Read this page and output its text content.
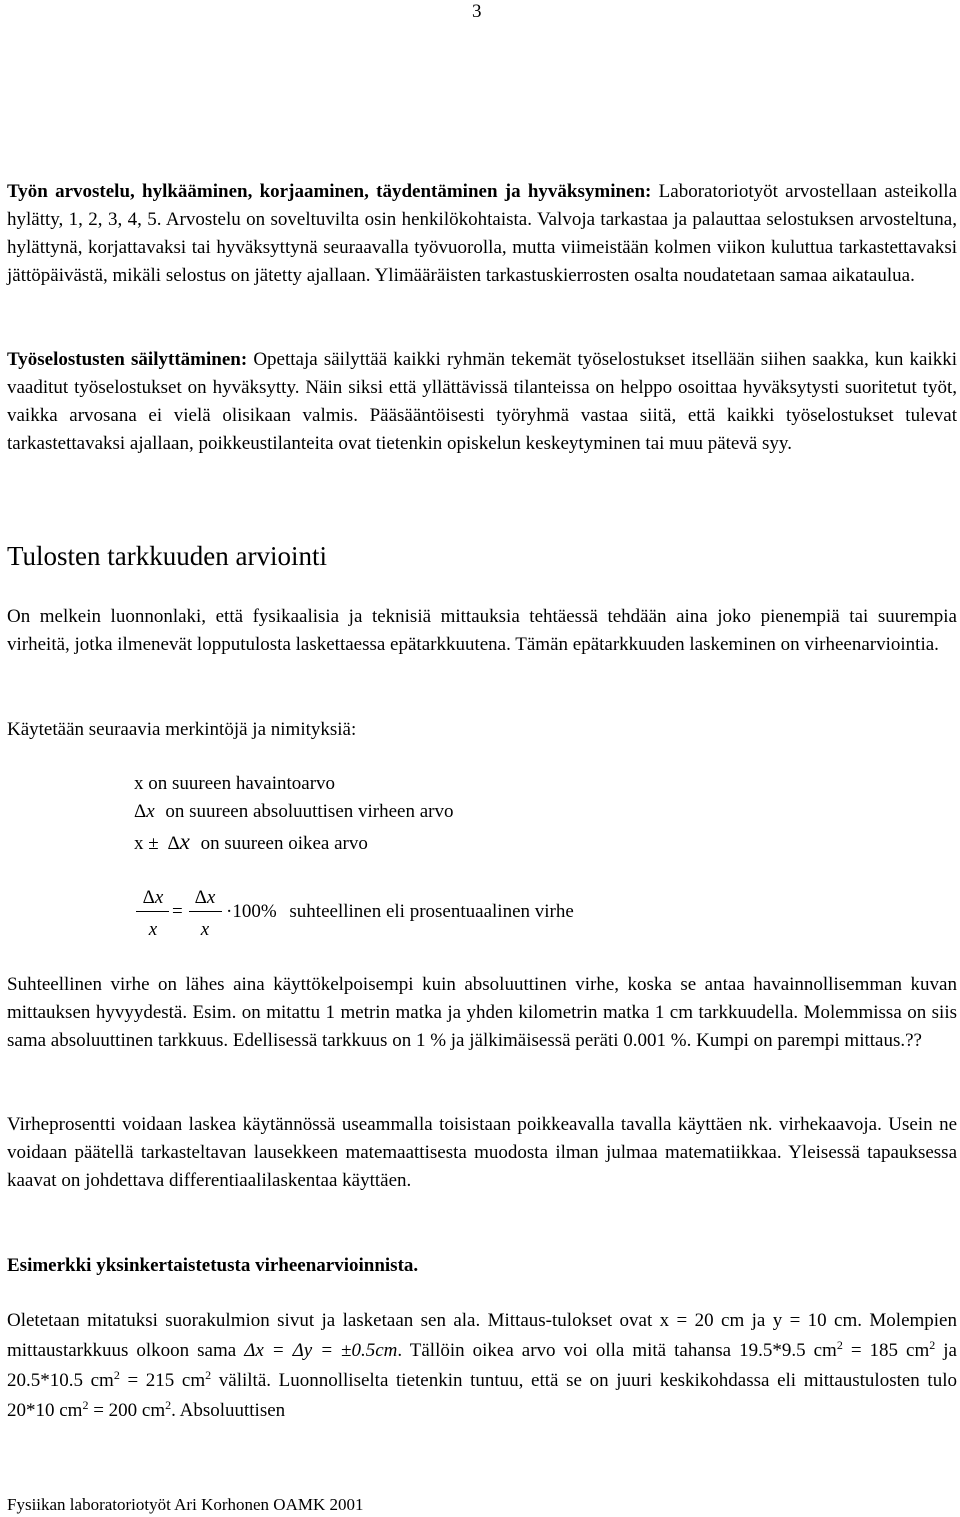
3

Työn arvostelu, hylkääminen, korjaaminen, täydentäminen ja hyväksyminen: Laboratoriotyöt arvostellaan asteikolla hylätty, 1, 2, 3, 4, 5. Arvostelu on soveltuvilta osin henkilökohtaista. Valvoja tarkastaa ja palauttaa selostuksen arvosteltuna, hylättynä, korjattavaksi tai hyväksyttynä seuraavalla työvuorolla, mutta viimeistään kolmen viikon kuluttua tarkastettavaksi jättöpäivästä, mikäli selostus on jätetty ajallaan. Ylimääräisten tarkastuskierrosten osalta noudatetaan samaa aikataulua.

Työselostusten säilyttäminen: Opettaja säilyttää kaikki ryhmän tekemät työselostukset itsellään siihen saakka, kun kaikki vaaditut työselostukset on hyväksytty. Näin siksi että yllättävissä tilanteissa on helppo osoittaa hyväksytysti suoritetut työt, vaikka arvosana ei vielä olisikaan valmis. Pääsääntöisesti työryhmä vastaa siitä, että kaikki työselostukset tulevat tarkastettavaksi ajallaan, poikkeustilanteita ovat tietenkin opiskelun keskeytyminen tai muu pätevä syy.

Tulosten tarkkuuden arviointi

On melkein luonnonlaki, että fysikaalisia ja teknisiä mittauksia tehtäessä tehdään aina joko pienempiä tai suurempia virheitä, jotka ilmenevät lopputulosta laskettaessa epätarkkuutena. Tämän epätarkkuuden laskeminen on virheenarviointia.

Käytetään seuraavia merkintöjä ja nimityksiä:

x on suureen havaintoarvo
Δx on suureen absoluuttisen virheen arvo
x ± Δx on suureen oikea arvo
Δx
x
=
Δx
x
·100% suhteellinen eli prosentuaalinen virhe

Suhteellinen virhe on lähes aina käyttökelpoisempi kuin absoluuttinen virhe, koska se antaa havainnollisemman kuvan mittauksen hyvyydestä. Esim. on mitattu 1 metrin matka ja yhden kilometrin matka 1 cm tarkkuudella. Molemmissa on siis sama absoluuttinen tarkkuus. Edellisessä tarkkuus on 1 % ja jälkimäisessä peräti 0.001 %. Kumpi on parempi mittaus.??

Virheprosentti voidaan laskea käytännössä useammalla toisistaan poikkeavalla tavalla käyttäen nk. virhekaavoja. Usein ne voidaan päätellä tarkasteltavan lausekkeen matemaattisesta muodosta ilman julmaa matematiikkaa. Yleisessä tapauksessa kaavat on johdettava differentiaalilaskentaa käyttäen.

Esimerkki yksinkertaistetusta virheenarvioinnista.

Oletetaan mitatuksi suorakulmion sivut ja lasketaan sen ala. Mittaus-tulokset ovat x = 20 cm ja y = 10 cm. Molempien mittaustarkkuus olkoon sama Δx = Δy = ±0.5cm. Tällöin oikea arvo voi olla mitä tahansa 19.5*9.5 $cm^2 = 185$ $cm^2$ ja 20.5*10.5 $cm^2 = 215$ $cm^2$ väliltä. Luonnolliselta tietenkin tuntuu, että se on juuri keskikohdassa eli mittaustulosten tulo 20*10 $cm^2 = 200$ $cm^2$. Absoluuttisen

Fysiikan laboratoriotyöt Ari Korhonen OAMK 2001
